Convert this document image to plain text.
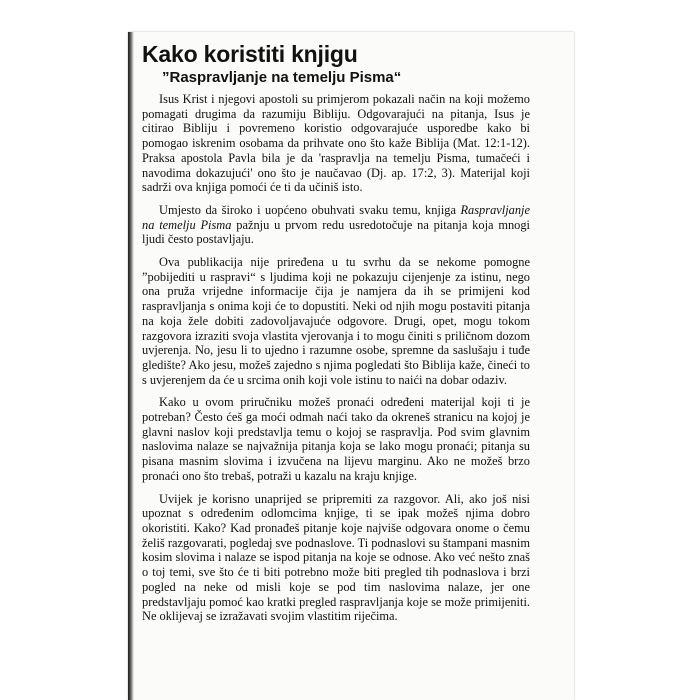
Kako koristiti knjigu
”Raspravljanje na temelju Pisma“

Isus Krist i njegovi apostoli su primjerom pokazali način na koji možemo pomagati drugima da razumiju Bibliju. Odgovarajući na pitanja, Isus je citirao Bibliju i povremeno koristio odgovarajuće usporedbe kako bi pomogao iskrenim osobama da prihvate ono što kaže Biblija (Mat. 12:1-12). Praksa apostola Pavla bila je da 'raspravlja na temelju Pisma, tumačeći i navodima dokazujući' ono što je naučavao (Dj. ap. 17:2, 3). Materijal koji sadrži ova knjiga pomoći će ti da učiniš isto.

Umjesto da široko i uopćeno obuhvati svaku temu, knjiga Raspravljanje na temelju Pisma pažnju u prvom redu usredotočuje na pitanja koja mnogi ljudi često postavljaju.

Ova publikacija nije priređena u tu svrhu da se nekome pomogne ”pobijediti u raspravi“ s ljudima koji ne pokazuju cijenjenje za istinu, nego ona pruža vrijedne informacije čija je namjera da ih se primijeni kod raspravljanja s onima koji će to dopustiti. Neki od njih mogu postaviti pitanja na koja žele dobiti zadovoljavajuće odgovore. Drugi, opet, mogu tokom razgovora izraziti svoja vlastita vjerovanja i to mogu činiti s priličnom dozom uvjerenja. No, jesu li to ujedno i razumne osobe, spremne da saslušaju i tuđe gledište? Ako jesu, možeš zajedno s njima pogledati što Biblija kaže, čineći to s uvjerenjem da će u srcima onih koji vole istinu to naići na dobar odaziv.

Kako u ovom priručniku možeš pronaći određeni materijal koji ti je potreban? Često ćeš ga moći odmah naći tako da okreneš stranicu na kojoj je glavni naslov koji predstavlja temu o kojoj se raspravlja. Pod svim glavnim naslovima nalaze se najvažnija pitanja koja se lako mogu pronaći; pitanja su pisana masnim slovima i izvučena na lijevu marginu. Ako ne možeš brzo pronaći ono što trebaš, potraži u kazalu na kraju knjige.

Uvijek je korisno unaprijed se pripremiti za razgovor. Ali, ako još nisi upoznat s određenim odlomcima knjige, ti se ipak možeš njima dobro okoristiti. Kako? Kad pronađeš pitanje koje najviše odgovara onome o čemu želiš razgovarati, pogledaj sve podnaslove. Ti podnaslovi su štampani masnim kosim slovima i nalaze se ispod pitanja na koje se odnose. Ako već nešto znaš o toj temi, sve što će ti biti potrebno može biti pregled tih podnaslova i brzi pogled na neke od misli koje se pod tim naslovima nalaze, jer one predstavljaju pomoć kao kratki pregled raspravljanja koje se može primijeniti. Ne oklijevaj se izražavati svojim vlastitim riječima.
